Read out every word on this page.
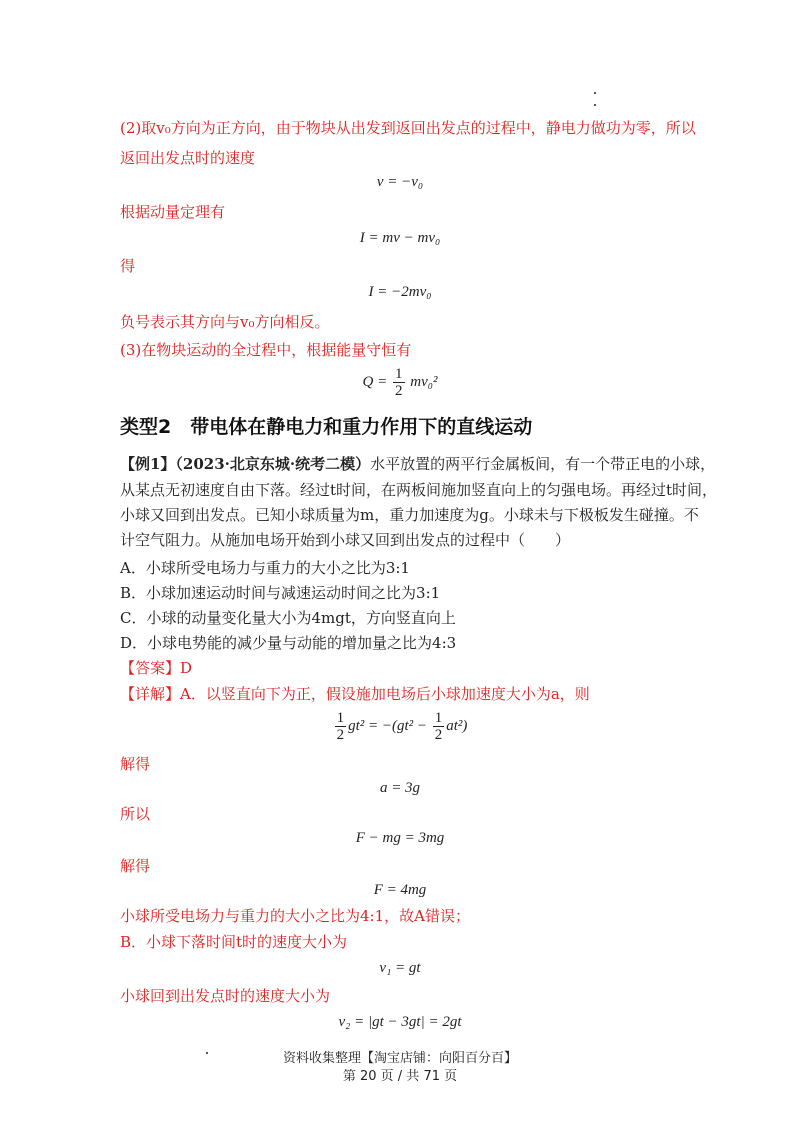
(2)取v₀方向为正方向，由于物块从出发到返回出发点的过程中，静电力做功为零，所以
返回出发点时的速度
v = −v₀
根据动量定理有
I = mv − mv₀
得
I = −2mv₀
负号表示其方向与v₀方向相反。
(3)在物块运动的全过程中，根据能量守恒有
$Q = \frac{1}{2} mv_0^2$
类型2　带电体在静电力和重力作用下的直线运动
【例1】（2023·北京东城·统考二模）水平放置的两平行金属板间，有一个带正电的小球，
从某点无初速度自由下落。经过t时间，在两板间施加竖直向上的匀强电场。再经过t时间，
小球又回到出发点。已知小球质量为m，重力加速度为g。小球未与下极板发生碰撞。不
计空气阻力。从施加电场开始到小球又回到出发点的过程中（　　）
A．小球所受电场力与重力的大小之比为3:1
B．小球加速运动时间与减速运动时间之比为3:1
C．小球的动量变化量大小为4mgt，方向竖直向上
D．小球电势能的减少量与动能的增加量之比为4:3
【答案】D
【详解】A．以竖直向下为正，假设施加电场后小球加速度大小为a，则
$\frac{1}{2} gt^2 = -(gt^2 - \frac{1}{2} at^2)$
解得
a = 3g
所以
F − mg = 3mg
解得
F = 4mg
小球所受电场力与重力的大小之比为4:1，故A错误；
B．小球下落时间t时的速度大小为
v₁ = gt
小球回到出发点时的速度大小为
v₂ = |gt − 3gt| = 2gt
资料收集整理【淘宝店铺：向阳百分百】
第 20 页 / 共 71 页
